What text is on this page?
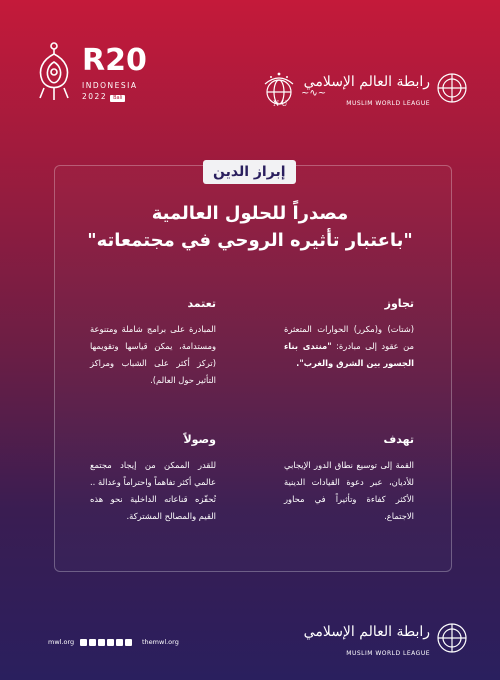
R20
INDONESIA
2022 Bali	~∿~
N U
رابطة العالم الإسلامي
MUSLIM WORLD LEAGUE
إبراز الدين
مصدراً للحلول العالمية
"باعتبار تأثيره الروحي في مجتمعاته"
تجاوز

(شتات) و(مكرر) الحوارات المتعثرة من عقود إلى مبادرة: "منتدى بناء الجسور بين الشرق والغرب".

تعتمد

المبادرة على برامج شاملة ومتنوعة ومستدامة، يمكن قياسها وتقويمها (تركز أكثر على الشباب ومراكز التأثير حول العالم).

تهدف

القمة إلى توسيع نطاق الدور الإيجابي للأديان، عبر دعوة القيادات الدينية الأكثر كفاءة وتأثيراً في محاور الاجتماع.

وصولاً

للقدر الممكن من إيجاد مجتمع عالمي أكثر تفاهماً واحتراماً وعدالة .. تُحفّزه قناعاته الداخلية نحو هذه القيم والمصالح المشتركة.

mwl.org	themwl.org
رابطة العالم الإسلامي
MUSLIM WORLD LEAGUE
